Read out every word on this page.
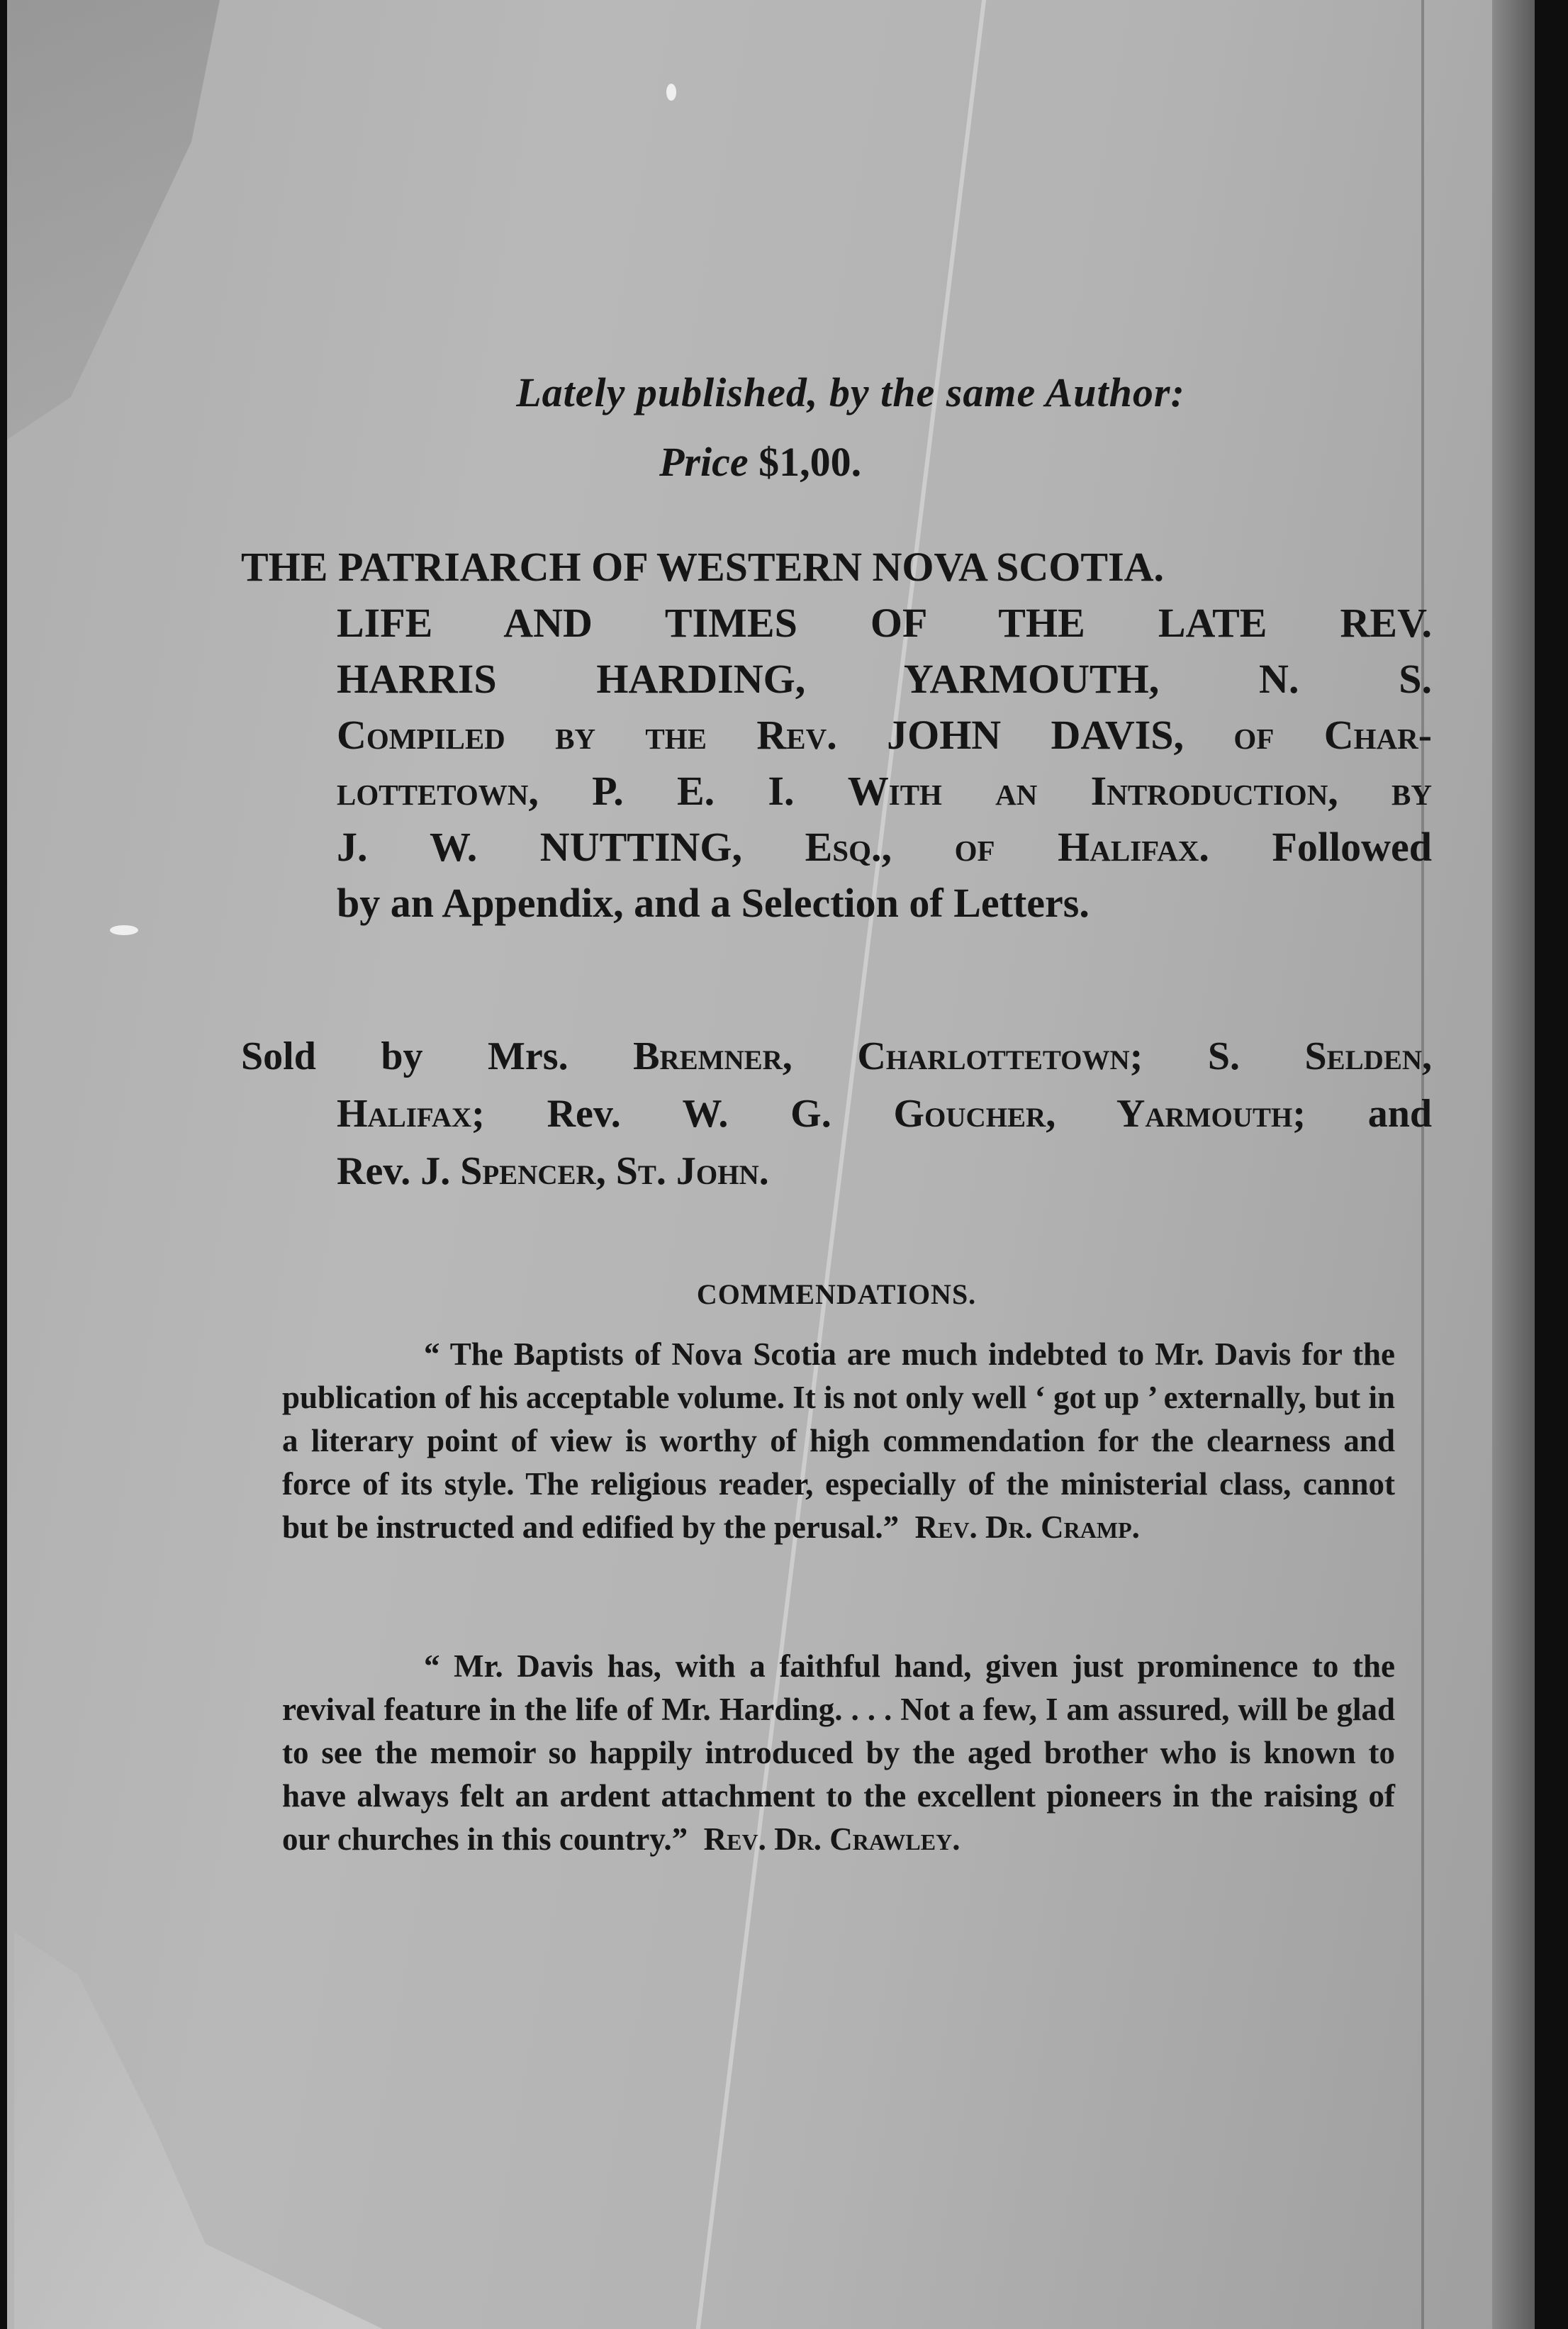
Lately published, by the same Author:
Price $1,00.
THE PATRIARCH OF WESTERN NOVA SCOTIA.
LIFE AND TIMES OF THE LATE REV.
HARRIS HARDING, YARMOUTH, N. S.
Compiled by the Rev. JOHN DAVIS, of Char-
lottetown, P. E. I. With an Introduction, by
J. W. NUTTING, Esq., of Halifax. Followed
by an Appendix, and a Selection of Letters.
Sold by Mrs. Bremner, Charlottetown; S. Selden,
Halifax; Rev. W. G. Goucher, Yarmouth; and
Rev. J. Spencer, St. John.
COMMENDATIONS.
“ The Baptists of Nova Scotia are much indebted to Mr. Davis for the publication of his acceptable volume. It is not only well ‘ got up ’ externally, but in a literary point of view is worthy of high commendation for the clearness and force of its style. The religious reader, especially of the ministerial class, cannot but be instructed and edified by the perusal.” Rev. Dr. Cramp.
“ Mr. Davis has, with a faithful hand, given just prominence to the revival feature in the life of Mr. Harding. . . . Not a few, I am assured, will be glad to see the memoir so happily introduced by the aged brother who is known to have always felt an ardent attachment to the excellent pioneers in the raising of our churches in this country.” Rev. Dr. Crawley.
